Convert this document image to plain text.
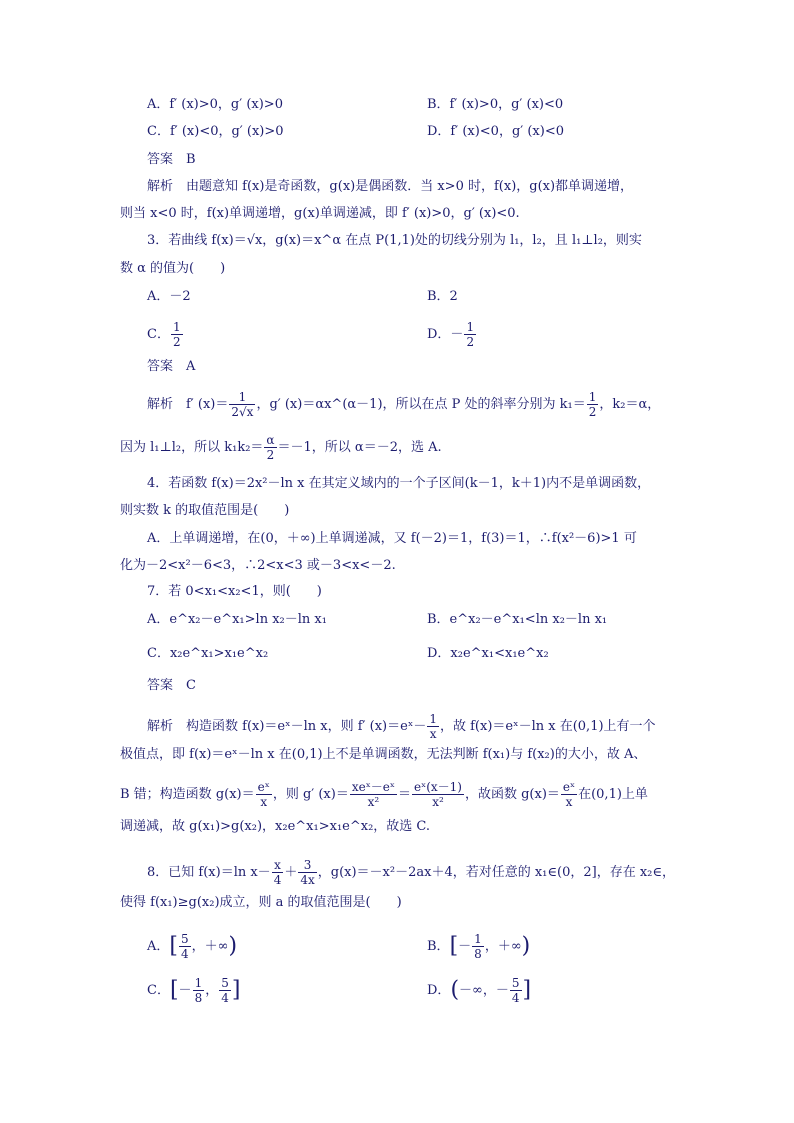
A．f′ (x)>0，g′ (x)>0	B．f′ (x)>0，g′ (x)<0
C．f′ (x)<0，g′ (x)>0	D．f′ (x)<0，g′ (x)<0
答案　B
解析　由题意知 f(x)是奇函数，g(x)是偶函数．当 x>0 时，f(x)，g(x)都单调递增，
则当 x<0 时，f(x)单调递增，g(x)单调递减，即 f′ (x)>0，g′ (x)<0.
3．若曲线 f(x)＝√x，g(x)＝x^α 在点 P(1,1)处的切线分别为 l₁，l₂，且 l₁⊥l₂，则实
数 α 的值为(　　)
A．－2	B．2
C． $\frac{1}{2}$	D．－ $\frac{1}{2}$
答案　A
解析　f′ $(x)= \frac{1}{2√x}$ ，g′ (x)＝αx^(α－1)，所以在点 P 处的斜率分别为 $k_1= \frac{1}{2}$ ，k₂＝α，
因为 l₁⊥l₂，所以 $k_1k_2= \frac{\alpha}{2} =-1$，所以 α＝－2，选 A.
4．若函数 f(x)＝2x²－ln x 在其定义域内的一个子区间(k－1，k＋1)内不是单调函数，
则实数 k 的取值范围是(　　)
A．上单调递增，在(0，＋∞)上单调递减，又 f(－2)＝1，f(3)＝1，∴f(x²－6)>1 可
化为－2<x²－6<3，∴2<x<3 或－3<x<－2.
7．若 0<x₁<x₂<1，则(　　)
A．e^x₂－e^x₁>ln x₂－ln x₁	B．e^x₂－e^x₁<ln x₂－ln x₁
C．x₂e^x₁>x₁e^x₂	D．x₂e^x₁<x₁e^x₂
答案　C
解析　构造函数 f(x)＝eˣ－ln x，则 f′ (x)＝eˣ－ $\frac{1}{x}$ ，故 f(x)＝eˣ－ln x 在(0,1)上有一个
极值点，即 f(x)＝eˣ－ln x 在(0,1)上不是单调函数，无法判断 f(x₁)与 f(x₂)的大小，故 A、
B 错；构造函数 $g(x)= \frac{\text{eˣ}}{x}$ ，则 g′ $(x)= \frac{\text{xeˣ－eˣ}}{\text{x²}} = \frac{\text{eˣ(x－1)}}{\text{x²}}$ ，故函数 $g(x)= \frac{\text{eˣ}}{x}$ 在(0,1)上单
调递减，故 g(x₁)>g(x₂)，x₂e^x₁>x₁e^x₂，故选 C.
8．已知 f(x)＝ln $x- \frac{x}{4} + \frac{3}{4x}$ ，g(x)＝－x²－2ax＋4，若对任意的 x₁∈(0，2]，存在 x₂∈，
使得 f(x₁)≥g(x₂)成立，则 a 的取值范围是(　　)
A．[ $\frac{5}{4}$ ，＋∞)	B．[－ $\frac{1}{8}$ ，＋∞)
C．[－ $\frac{1}{8}$ ， $\frac{5}{4}$ ]	D．(－∞，－ $\frac{5}{4}$ ]
